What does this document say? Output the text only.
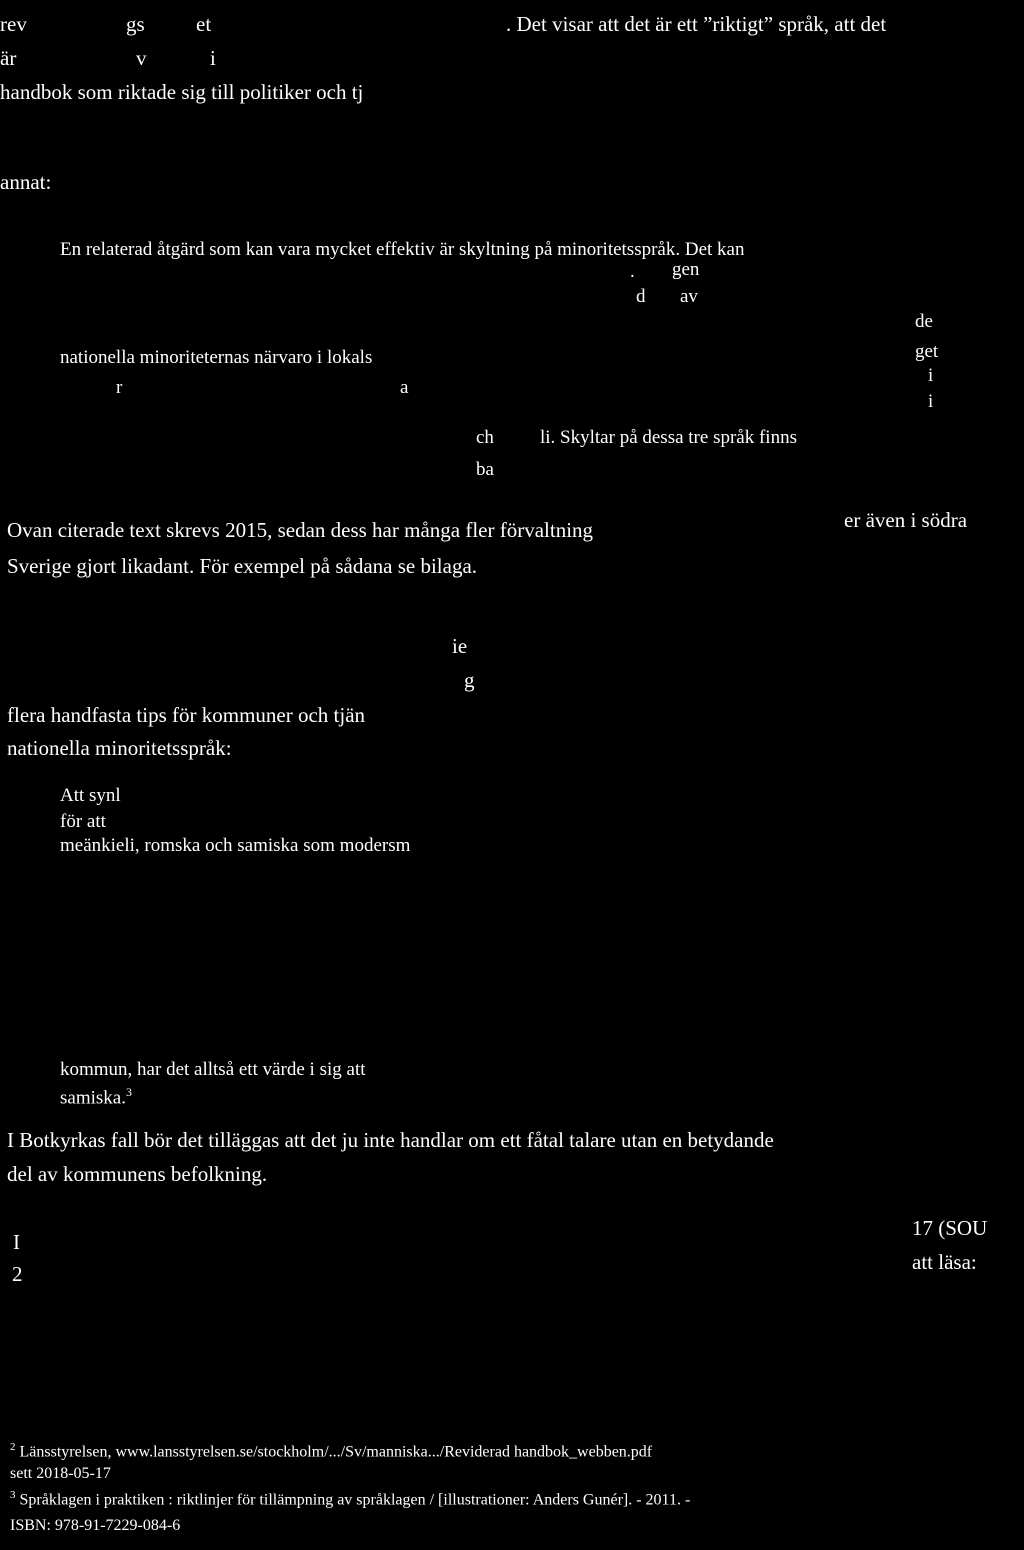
rev	gs et	. Det visar att det är ett ”riktigt” språk, att det
är	v	i
handbok som riktade sig till politiker och tj
annat:
En relaterad åtgärd som kan vara mycket effektiv är skyltning på minoritetsspråk. Det kan
. gen
d av
de
nationella minoriteternas närvaro i lokals	get
r	a
i
i
ch li. Skyltar på dessa tre språk finns
ba
Ovan citerade text skrevs 2015, sedan dess har många fler förvaltning	er även i södra
Sverige gjort likadant. För exempel på sådana se bilaga.
ie
g
flera handfasta tips för kommuner och tjän
nationella minoritetsspråk:
Att synl
för att
meänkieli, romska och samiska som modersm
kommun, har det alltså ett värde i sig att
samiska.$^3$
I Botkyrkas fall bör det tilläggas att det ju inte handlar om ett fåtal talare utan en betydande
del av kommunens befolkning.
I
2
17 (SOU
att läsa:
$^2$ Länsstyrelsen, www.lansstyrelsen.se/stockholm/.../Sv/manniska.../Reviderad handbok_webben.pdf
sett 2018-05-17
$^3$ Språklagen i praktiken : riktlinjer för tillämpning av språklagen / [illustrationer: Anders Gunér]. - 2011. -
ISBN: 978-91-7229-084-6
